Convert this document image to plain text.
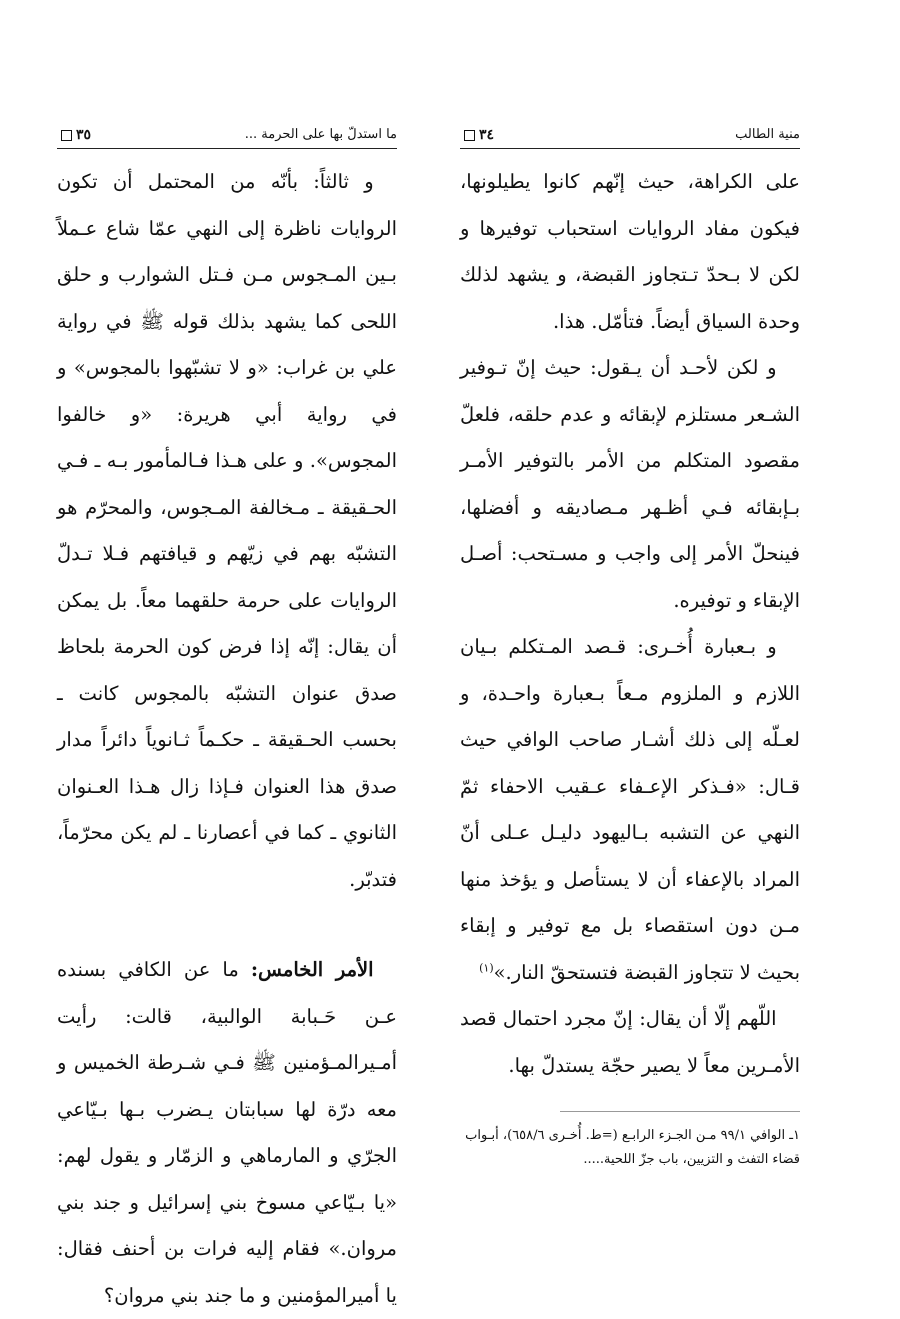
ما استدلّ بها على الحرمة ...
٣٥

و ثالثاً: بأنّه من المحتمل أن تكون الروايات ناظرة إلى النهي عمّا شاع عـملاً بـين المـجوس مـن فـتل الشوارب و حلق اللحى كما يشهد بذلك قوله ﷺ في رواية علي بن غراب: «و لا تشبّهوا بالمجوس» و في رواية أبي هريرة: «و خالفوا المجوس». و على هـذا فـالمأمور بـه ـ فـي الحـقيقة ـ مـخالفة المـجوس، والمحرّم هو التشبّه بهم في زيّهم و قيافتهم فـلا تـدلّ الروايات على حرمة حلقهما معاً. بل يمكن أن يقال: إنّه إذا فرض كون الحرمة بلحاظ صدق عنوان التشبّه بالمجوس كانت ـ بحسب الحـقيقة ـ حكـماً ثـانوياً دائراً مدار صدق هذا العنوان فـإذا زال هـذا العـنوان الثانوي ـ كما في أعصارنا ـ لم يكن محرّماً، فتدبّر.

الأمر الخامس: ما عن الكافي بسنده عـن حَـبابة الوالبية، قالت: رأيت أمـيرالمـؤمنين ﷺ فـي شـرطة الخميس و معه درّة لها سبابتان يـضرب بـها بـيّاعي الجرّي و المارماهي و الزمّار و يقول لهم: «يا بـيّاعي مسوخ بني إسرائيل و جند بني مروان.» فقام إليه فرات بن أحنف فقال: يا أميرالمؤمنين و ما جند بني مروان؟

منية الطالب
٣٤

على الكراهة، حيث إنّهم كانوا يطيلونها، فيكون مفاد الروايات استحباب توفيرها و لكن لا بـحدّ تـتجاوز القبضة، و يشهد لذلك وحدة السياق أيضاً. فتأمّل. هذا.

و لكن لأحـد أن يـقول: حيث إنّ تـوفير الشـعر مستلزم لإبقائه و عدم حلقه، فلعلّ مقصود المتكلم من الأمر بالتوفير الأمـر بـإبقائه فـي أظـهر مـصاديقه و أفضلها، فينحلّ الأمر إلى واجب و مسـتحب: أصـل الإبقاء و توفيره.

و بـعبارة أُخـرى: قـصد المـتكلم بـيان اللازم و الملزوم مـعاً بـعبارة واحـدة، و لعـلّه إلى ذلك أشـار صاحب الوافي حيث قـال: «فـذكر الإعـفاء عـقيب الاحفاء ثمّ النهي عن التشبه بـاليهود دليـل عـلى أنّ المراد بالإعفاء أن لا يستأصل و يؤخذ منها مـن دون استقصاء بل مع توفير و إبقاء بحيث لا تتجاوز القبضة فتستحقّ النار.»$^{(١)}$

اللّهم إلّا أن يقال: إنّ مجرد احتمال قصد الأمـرين معاً لا يصير حجّة يستدلّ بها.

١ـ الوافي ٩٩/١ مـن الجـزء الرابـع (=ط. أُخـرى ٦٥٨/٦)، أبـواب قضاء التفث و التزيين، باب جزّ اللحية.....
